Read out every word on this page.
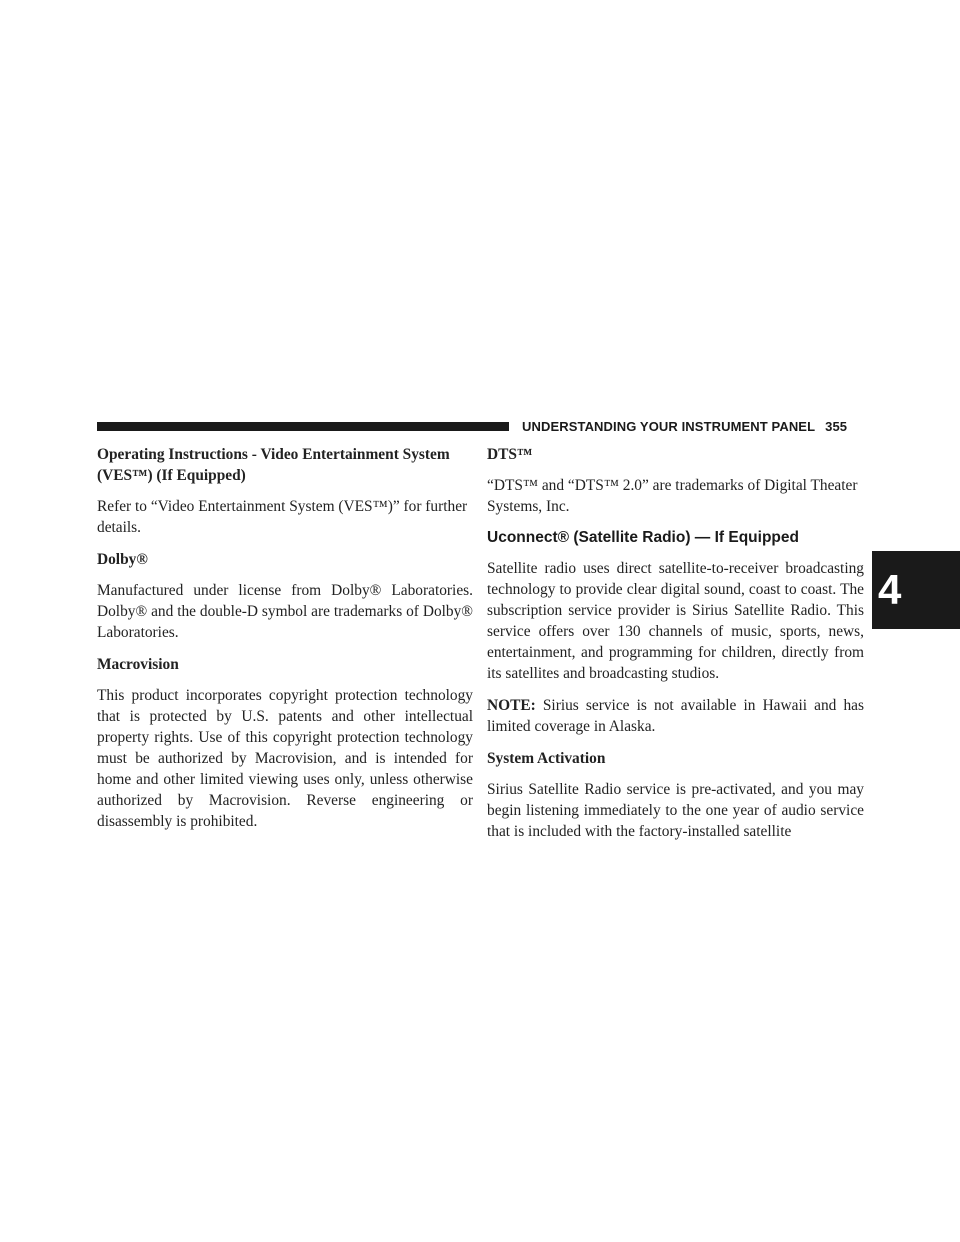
UNDERSTANDING YOUR INSTRUMENT PANEL 355
4
Operating Instructions - Video Entertainment System (VES™) (If Equipped)

Refer to “Video Entertainment System (VES™)” for further details.

Dolby®

Manufactured under license from Dolby® Laboratories. Dolby® and the double-D symbol are trademarks of Dolby® Laboratories.

Macrovision

This product incorporates copyright protection technology that is protected by U.S. patents and other intellectual property rights. Use of this copyright protection technology must be authorized by Macrovision, and is intended for home and other limited viewing uses only, unless otherwise authorized by Macrovision. Reverse engineering or disassembly is prohibited.

DTS™

“DTS™ and “DTS™ 2.0” are trademarks of Digital Theater Systems, Inc.

Uconnect® (Satellite Radio) — If Equipped

Satellite radio uses direct satellite-to-receiver broadcasting technology to provide clear digital sound, coast to coast. The subscription service provider is Sirius Satellite Radio. This service offers over 130 channels of music, sports, news, entertainment, and programming for children, directly from its satellites and broadcasting studios.

NOTE: Sirius service is not available in Hawaii and has limited coverage in Alaska.

System Activation

Sirius Satellite Radio service is pre-activated, and you may begin listening immediately to the one year of audio service that is included with the factory-installed satellite
